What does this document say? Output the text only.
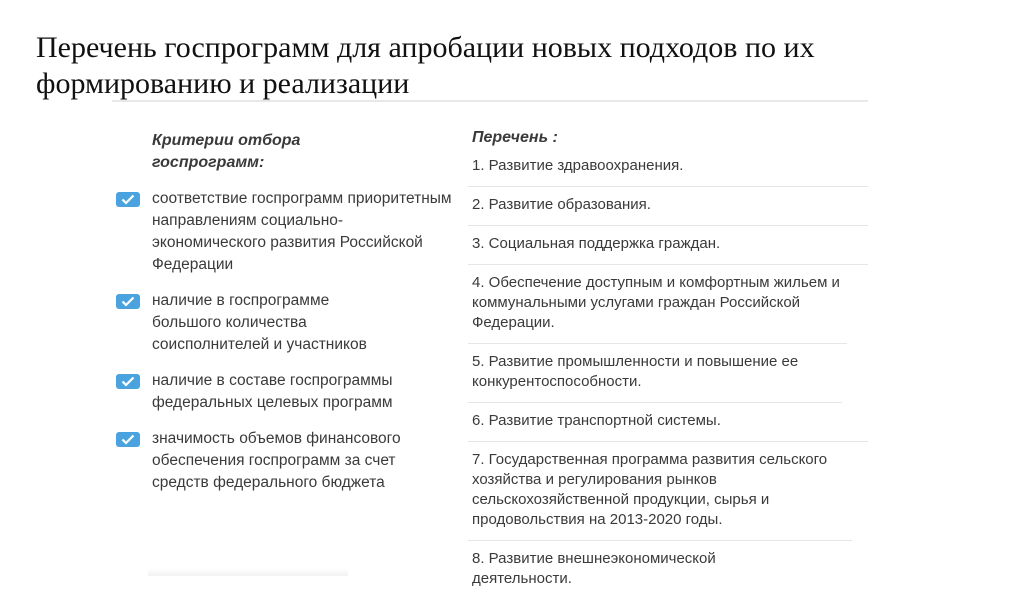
Перечень госпрограмм для апробации новых подходов по их формированию и реализации
Критерии отбора госпрограмм:
соответствие госпрограмм приоритетным направлениям социально-экономического развития Российской Федерации
наличие в госпрограмме большого количества соисполнителей и участников
наличие в составе госпрограммы федеральных целевых программ
значимость объемов финансового обеспечения госпрограмм за счет средств федерального бюджета
Перечень :
1. Развитие здравоохранения.
2. Развитие образования.
3. Социальная поддержка граждан.
4. Обеспечение доступным и комфортным жильем и коммунальными услугами граждан Российской Федерации.
5. Развитие промышленности и повышение ее конкурентоспособности.
6. Развитие транспортной системы.
7. Государственная программа развития сельского хозяйства и регулирования рынков сельскохозяйственной продукции, сырья и продовольствия на 2013-2020 годы.
8. Развитие внешнеэкономической деятельности.
